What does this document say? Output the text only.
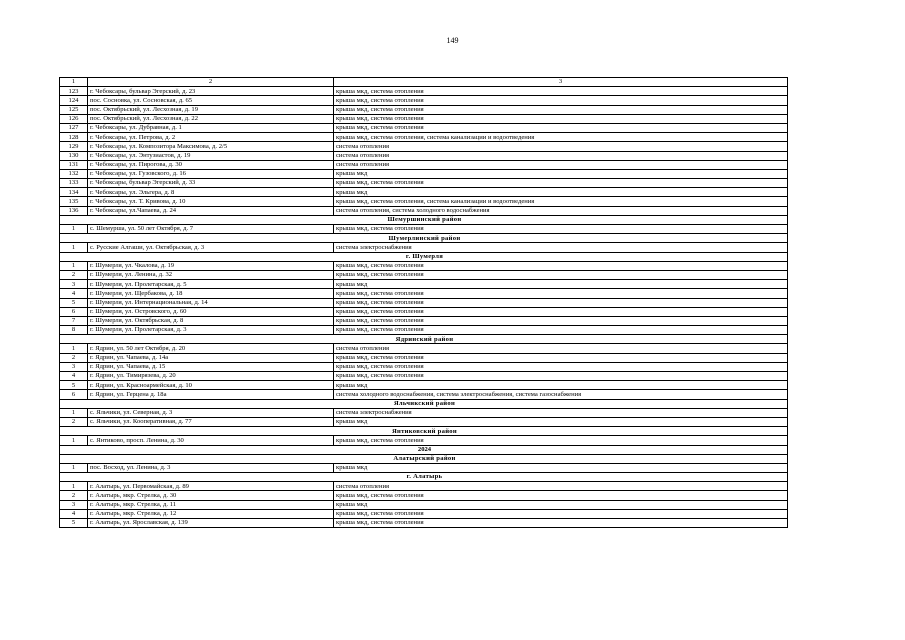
149
1	2	3
123	г. Чебоксары, бульвар Эгерский, д. 23	крыша мкд, система отопления
124	пос. Сосновка, ул. Сосновская, д. 65	крыша мкд, система отопления
125	пос. Октябрьский, ул. Лесхозная, д. 19	крыша мкд, система отопления
126	пос. Октябрьский, ул. Лесхозная, д. 22	крыша мкд, система отопления
127	г. Чебоксары, ул. Дубравная, д. 1	крыша мкд, система отопления
128	г. Чебоксары, ул. Петрова, д. 2	крыша мкд, система отопления, система канализации и водоотведения
129	г. Чебоксары, ул. Композитора Максимова, д. 2/5	система отопления
130	г. Чебоксары, ул. Энтузиастов, д. 19	система отопления
131	г. Чебоксары, ул. Пирогова, д. 30	система отопления
132	г. Чебоксары, ул. Гузовского, д. 16	крыша мкд
133	г. Чебоксары, бульвар Эгерский, д. 33	крыша мкд, система отопления
134	г. Чебоксары, ул. Эльгера, д. 8	крыша мкд
135	г. Чебоксары, ул. Т. Кривова, д. 10	крыша мкд, система отопления, система канализации и водоотведения
136	г. Чебоксары, ул.Чапаева, д. 24	система отопления, система холодного водоснабжения
Шемуршинский район		
1	с. Шемурша, ул. 50 лет Октября, д. 7	крыша мкд, система отопления
Шумерлинский район		
1	с. Русские Алгаши, ул. Октябрьская, д. 3	система электроснабжения
г. Шумерля		
1	г. Шумерля, ул. Чкалова, д. 19	крыша мкд, система отопления
2	г. Шумерля, ул. Ленина, д. 32	крыша мкд, система отопления
3	г. Шумерля, ул. Пролетарская, д. 5	крыша мкд
4	г. Шумерля, ул. Щербакова, д. 18	крыша мкд, система отопления
5	г. Шумерля, ул. Интернациональная, д. 14	крыша мкд, система отопления
6	г. Шумерля, ул. Островского, д. 60	крыша мкд, система отопления
7	г. Шумерля, ул. Октябрьская, д. 8	крыша мкд, система отопления
8	г. Шумерля, ул. Пролетарская, д. 3	крыша мкд, система отопления
Ядринский район		
1	г. Ядрин, ул. 50 лет Октября, д. 20	система отопления
2	г. Ядрин, ул. Чапаева, д. 14а	крыша мкд, система отопления
3	г. Ядрин, ул. Чапаева, д. 15	крыша мкд, система отопления
4	г. Ядрин, ул. Тимирязева, д. 20	крыша мкд, система отопления
5	г. Ядрин, ул. Красноармейская, д. 10	крыша мкд
6	г. Ядрин, ул. Герцена д. 18а	система холодного водоснабжения, система электроснабжения, система газоснабжения
Яльчикский район		
1	с. Яльчики, ул. Северная, д. 3	система электроснабжения
2	с. Яльчики, ул. Кооперативная, д. 77	крыша мкд
Янтиковский район		
1	с. Янтиково, просп. Ленина, д. 30	крыша мкд, система отопления
2024		
Алатырский район		
1	пос. Восход, ул. Ленина, д. 3	крыша мкд
г. Алатырь		
1	г. Алатырь, ул. Первомайская, д. 89	система отопления
2	г. Алатырь, мкр. Стрелка, д. 30	крыша мкд, система отопления
3	г. Алатырь, мкр. Стрелка, д. 11	крыша мкд
4	г. Алатырь, мкр. Стрелка, д. 12	крыша мкд, система отопления
5	г. Алатырь, ул. Ярославская, д. 139	крыша мкд, система отопления
